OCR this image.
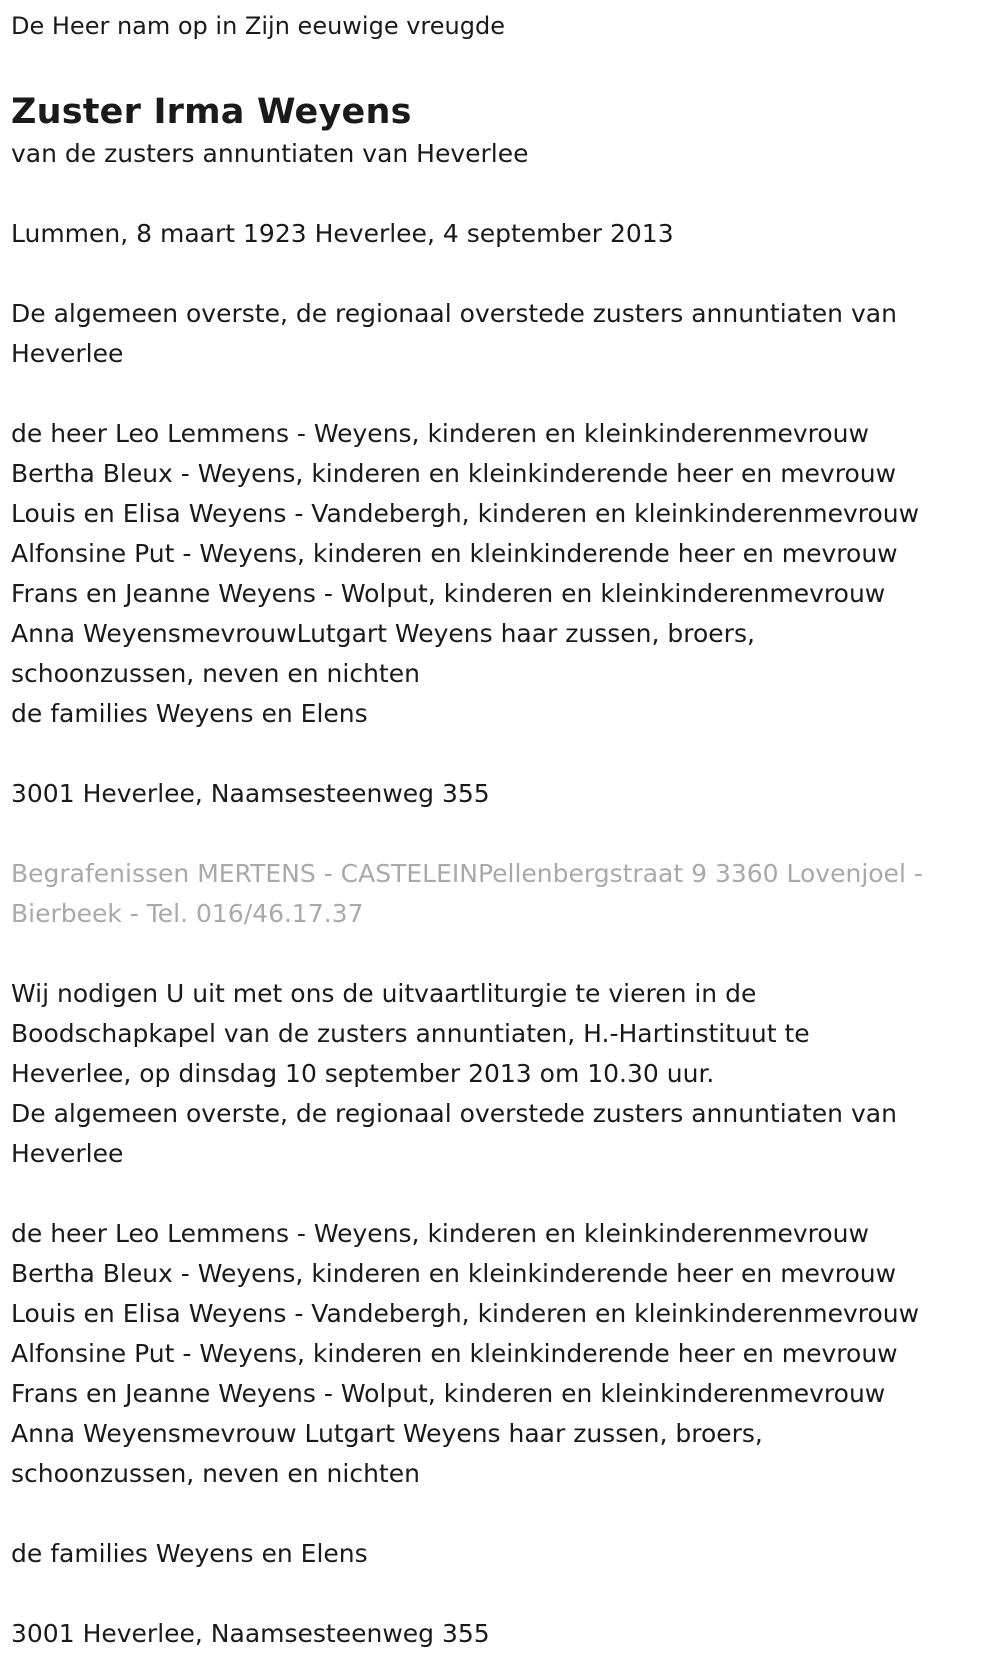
De Heer nam op in Zijn eeuwige vreugde

Zuster Irma Weyens

van de zusters annuntiaten van Heverlee

Lummen, 8 maart 1923 Heverlee, 4 september 2013

De algemeen overste, de regionaal overstede zusters annuntiaten van
Heverlee

de heer Leo Lemmens - Weyens, kinderen en kleinkinderenmevrouw
Bertha Bleux - Weyens, kinderen en kleinkinderende heer en mevrouw
Louis en Elisa Weyens - Vandebergh, kinderen en kleinkinderenmevrouw
Alfonsine Put - Weyens, kinderen en kleinkinderende heer en mevrouw
Frans en Jeanne Weyens - Wolput, kinderen en kleinkinderenmevrouw
Anna WeyensmevrouwLutgart Weyens haar zussen, broers,
schoonzussen, neven en nichten
de families Weyens en Elens

3001 Heverlee, Naamsesteenweg 355

Begrafenissen MERTENS - CASTELEINPellenbergstraat 9 3360 Lovenjoel -
Bierbeek - Tel. 016/46.17.37

Wij nodigen U uit met ons de uitvaartliturgie te vieren in de
Boodschapkapel van de zusters annuntiaten, H.-Hartinstituut te
Heverlee, op dinsdag 10 september 2013 om 10.30 uur.
De algemeen overste, de regionaal overstede zusters annuntiaten van
Heverlee

de heer Leo Lemmens - Weyens, kinderen en kleinkinderenmevrouw
Bertha Bleux - Weyens, kinderen en kleinkinderende heer en mevrouw
Louis en Elisa Weyens - Vandebergh, kinderen en kleinkinderenmevrouw
Alfonsine Put - Weyens, kinderen en kleinkinderende heer en mevrouw
Frans en Jeanne Weyens - Wolput, kinderen en kleinkinderenmevrouw
Anna Weyensmevrouw Lutgart Weyens haar zussen, broers,
schoonzussen, neven en nichten

de families Weyens en Elens

3001 Heverlee, Naamsesteenweg 355
